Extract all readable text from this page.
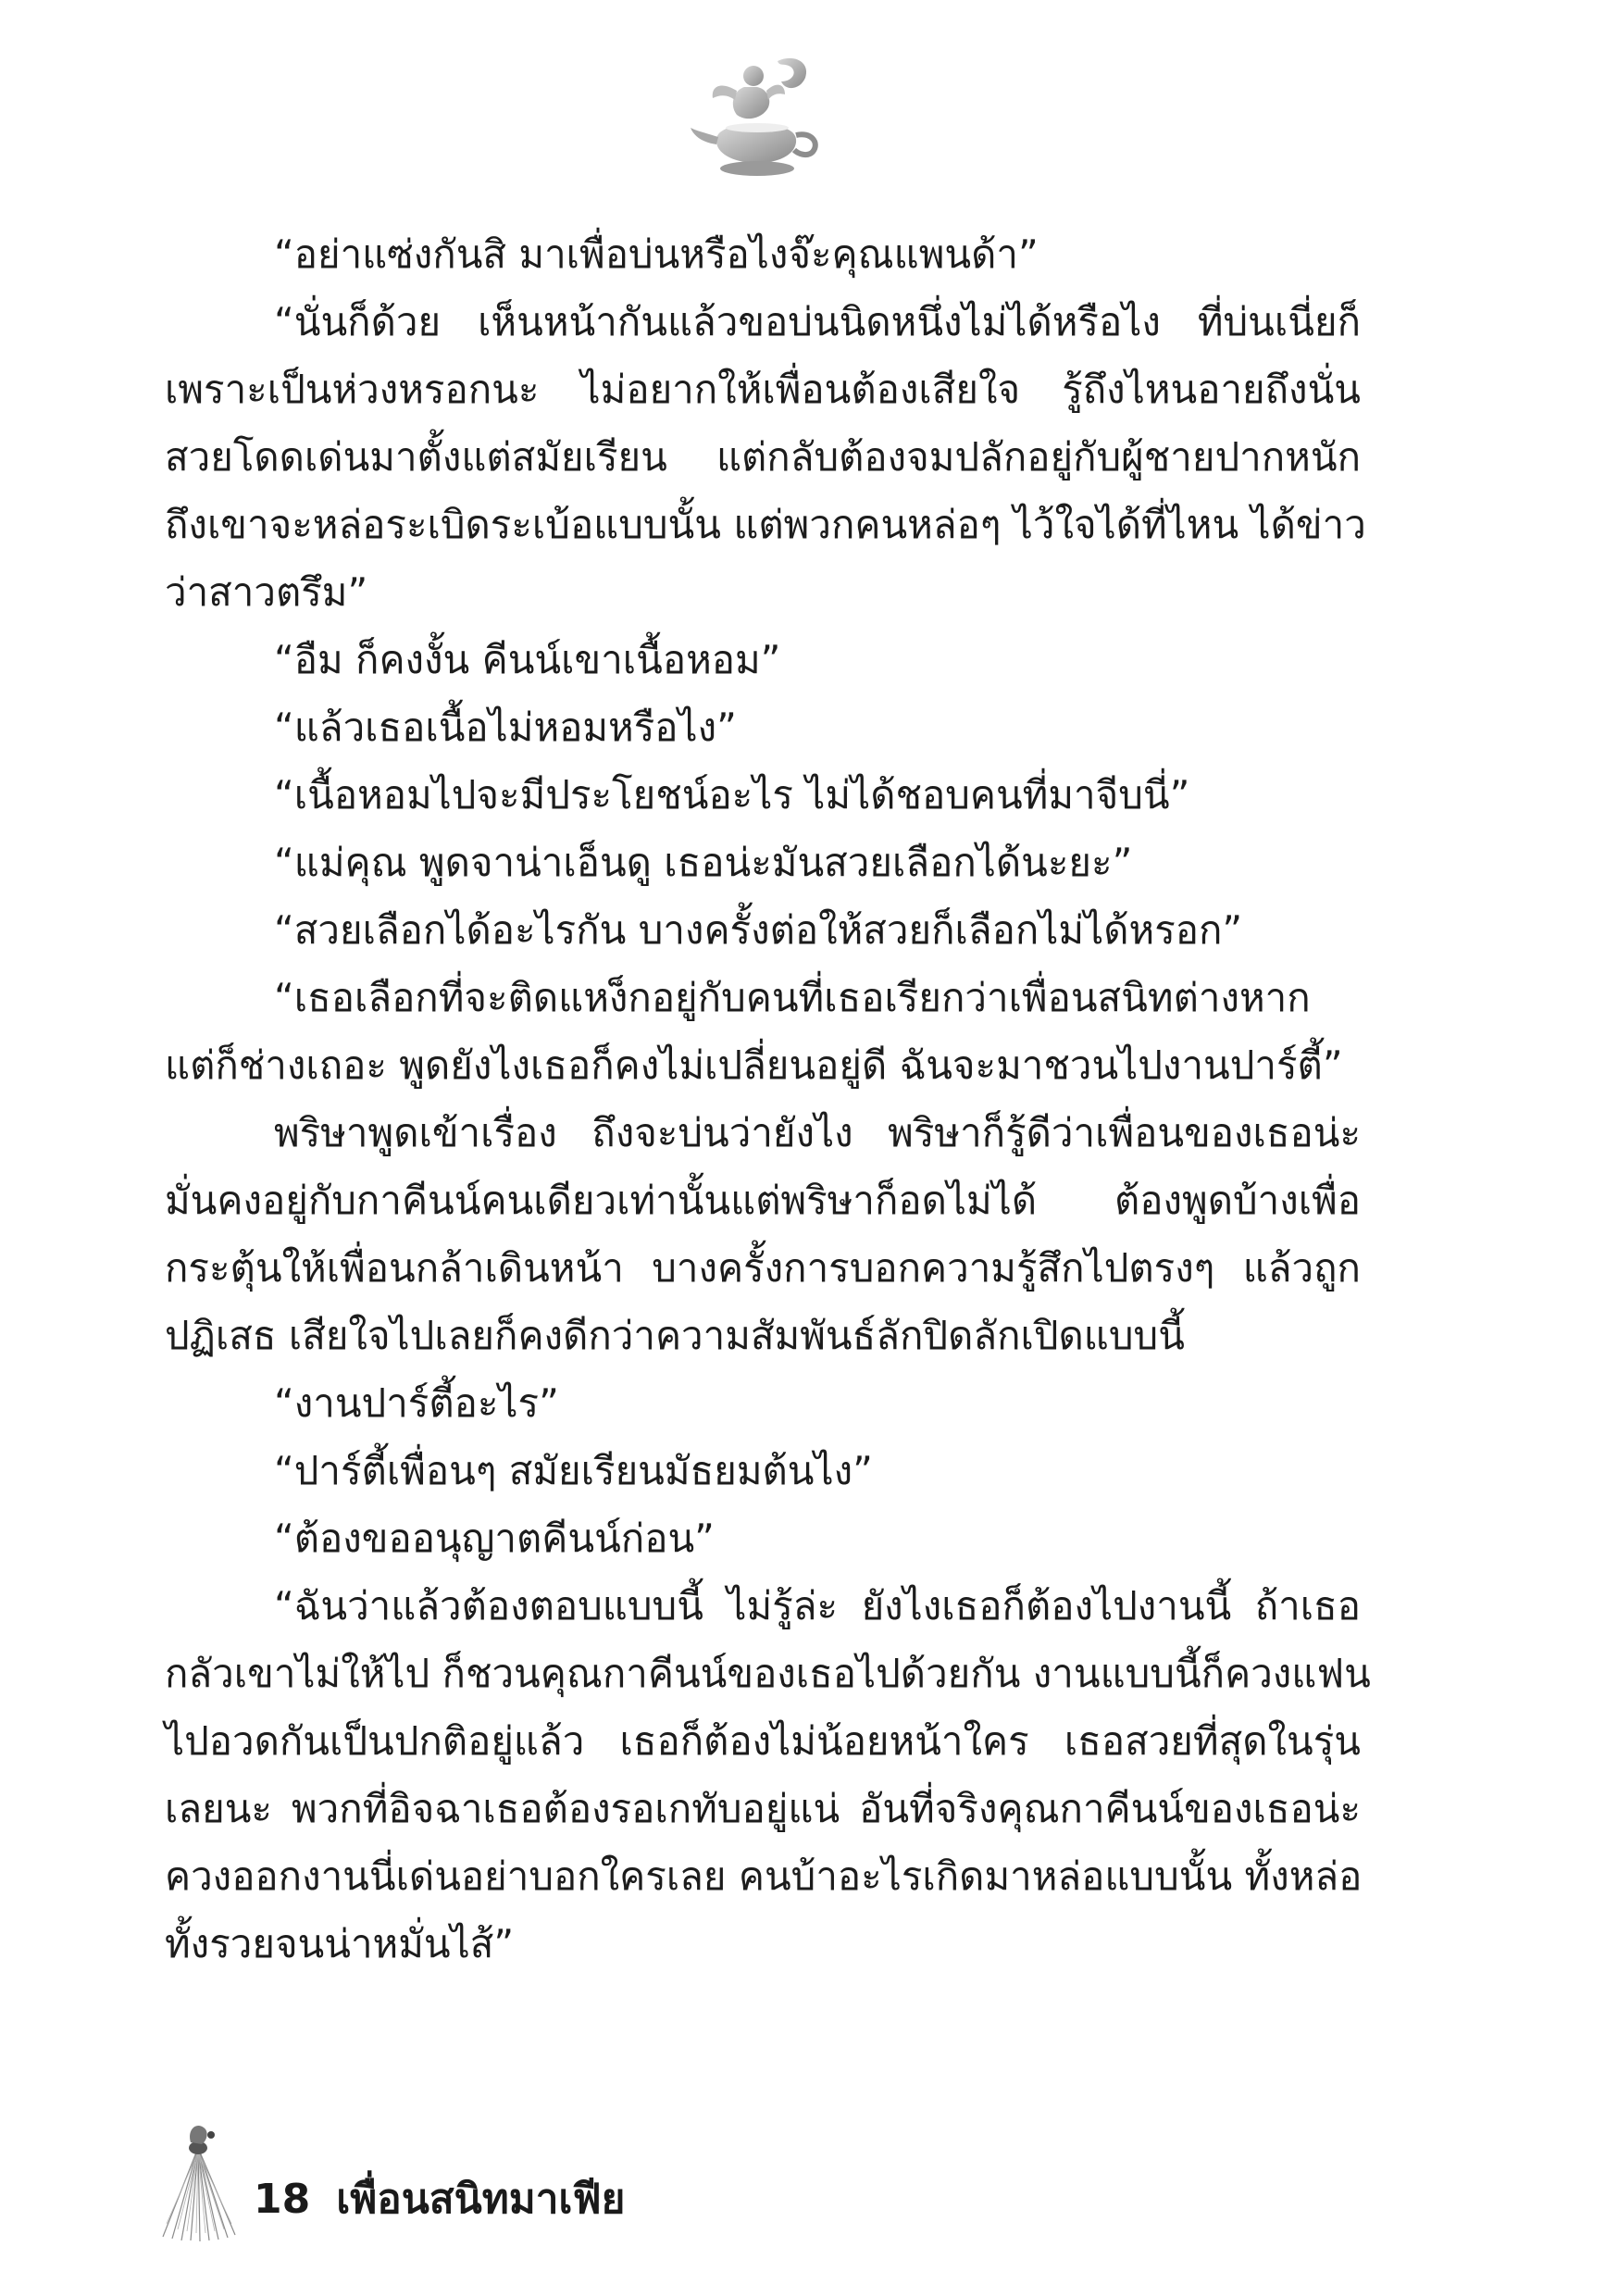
“อย่าแซ่งกันสิ มาเพื่อบ่นหรือไงจ๊ะคุณแพนด้า”
“นั่นก็ด้วย เห็นหน้ากันแล้วขอบ่นนิดหนึ่งไม่ได้หรือไง ที่บ่นเนี่ยก็
เพราะเป็นห่วงหรอกนะ ไม่อยากให้เพื่อนต้องเสียใจ รู้ถึงไหนอายถึงนั่น
สวยโดดเด่นมาตั้งแต่สมัยเรียน แต่กลับต้องจมปลักอยู่กับผู้ชายปากหนัก
ถึงเขาจะหล่อระเบิดระเบ้อแบบนั้น แต่พวกคนหล่อๆ ไว้ใจได้ที่ไหน ได้ข่าว
ว่าสาวตรึม”
“อืม ก็คงงั้น คีนน์เขาเนื้อหอม”
“แล้วเธอเนื้อไม่หอมหรือไง”
“เนื้อหอมไปจะมีประโยชน์อะไร ไม่ได้ชอบคนที่มาจีบนี่”
“แม่คุณ พูดจาน่าเอ็นดู เธอน่ะมันสวยเลือกได้นะยะ”
“สวยเลือกได้อะไรกัน บางครั้งต่อให้สวยก็เลือกไม่ได้หรอก”
“เธอเลือกที่จะติดแหง็กอยู่กับคนที่เธอเรียกว่าเพื่อนสนิทต่างหาก
แต่ก็ช่างเถอะ พูดยังไงเธอก็คงไม่เปลี่ยนอยู่ดี ฉันจะมาชวนไปงานปาร์ตี้”
พริษาพูดเข้าเรื่อง ถึงจะบ่นว่ายังไง พริษาก็รู้ดีว่าเพื่อนของเธอน่ะ
มั่นคงอยู่กับกาคีนน์คนเดียวเท่านั้นแต่พริษาก็อดไม่ได้ ต้องพูดบ้างเพื่อ
กระตุ้นให้เพื่อนกล้าเดินหน้า บางครั้งการบอกความรู้สึกไปตรงๆ แล้วถูก
ปฏิเสธ เสียใจไปเลยก็คงดีกว่าความสัมพันธ์ลักปิดลักเปิดแบบนี้
“งานปาร์ตี้อะไร”
“ปาร์ตี้เพื่อนๆ สมัยเรียนมัธยมต้นไง”
“ต้องขออนุญาตคีนน์ก่อน”
“ฉันว่าแล้วต้องตอบแบบนี้ ไม่รู้ล่ะ ยังไงเธอก็ต้องไปงานนี้ ถ้าเธอ
กลัวเขาไม่ให้ไป ก็ชวนคุณกาคีนน์ของเธอไปด้วยกัน งานแบบนี้ก็ควงแฟน
ไปอวดกันเป็นปกติอยู่แล้ว เธอก็ต้องไม่น้อยหน้าใคร เธอสวยที่สุดในรุ่น
เลยนะ พวกที่อิจฉาเธอต้องรอเกทับอยู่แน่ อันที่จริงคุณกาคีนน์ของเธอน่ะ
ควงออกงานนี่เด่นอย่าบอกใครเลย คนบ้าอะไรเกิดมาหล่อแบบนั้น ทั้งหล่อ
ทั้งรวยจนน่าหมั่นไส้”
18 เพื่อนสนิทมาเฟีย
